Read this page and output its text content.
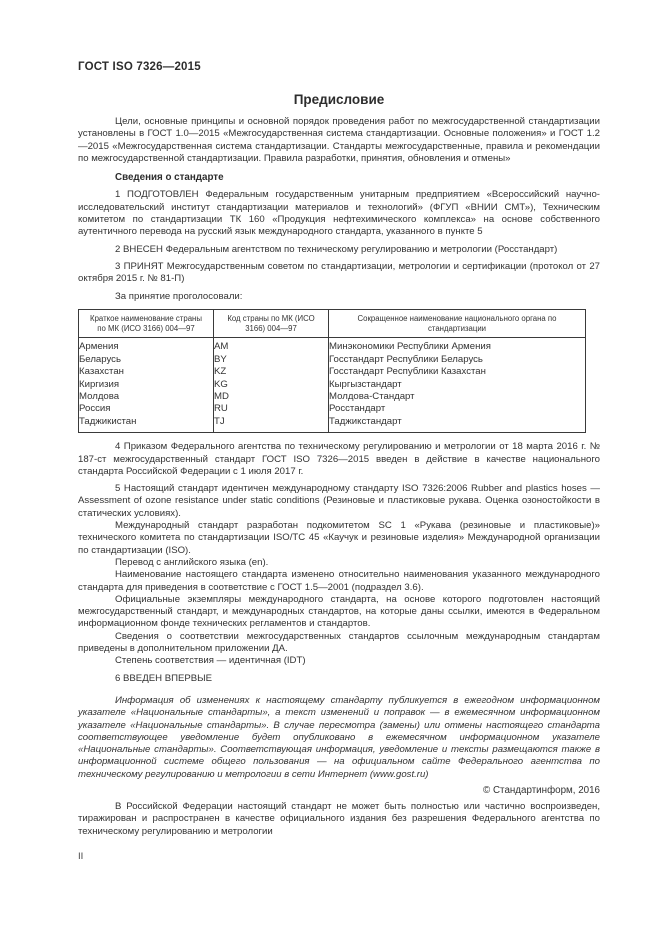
ГОСТ ISO 7326—2015
Предисловие

Цели, основные принципы и основной порядок проведения работ по межгосударственной стандартизации установлены в ГОСТ 1.0—2015 «Межгосударственная система стандартизации. Основные положения» и ГОСТ 1.2—2015 «Межгосударственная система стандартизации. Стандарты межгосударственные, правила и рекомендации по межгосударственной стандартизации. Правила разработки, принятия, обновления и отмены»

Сведения о стандарте

1 ПОДГОТОВЛЕН Федеральным государственным унитарным предприятием «Всероссийский научно-исследовательский институт стандартизации материалов и технологий» (ФГУП «ВНИИ СМТ»), Техническим комитетом по стандартизации ТК 160 «Продукция нефтехимического комплекса» на основе собственного аутентичного перевода на русский язык международного стандарта, указанного в пункте 5

2 ВНЕСЕН Федеральным агентством по техническому регулированию и метрологии (Росстандарт)

3 ПРИНЯТ Межгосударственным советом по стандартизации, метрологии и сертификации (протокол от 27 октября 2015 г. № 81-П)

За принятие проголосовали:

Краткое наименование страны по МК (ИСО 3166) 004—97	Код страны по МК (ИСО 3166) 004—97	Сокращенное наименование национального органа по стандартизации
Армения	AM	Минэкономики Республики Армения
Беларусь	BY	Госстандарт Республики Беларусь
Казахстан	KZ	Госстандарт Республики Казахстан
Киргизия	KG	Кыргызстандарт
Молдова	MD	Молдова-Стандарт
Россия	RU	Росстандарт
Таджикистан	TJ	Таджикстандарт

4 Приказом Федерального агентства по техническому регулированию и метрологии от 18 марта 2016 г. № 187-ст межгосударственный стандарт ГОСТ ISO 7326—2015 введен в действие в качестве национального стандарта Российской Федерации с 1 июля 2017 г.

5 Настоящий стандарт идентичен международному стандарту ISO 7326:2006 Rubber and plastics hoses — Assessment of ozone resistance under static conditions (Резиновые и пластиковые рукава. Оценка озоностойкости в статических условиях).

Международный стандарт разработан подкомитетом SC 1 «Рукава (резиновые и пластиковые)» технического комитета по стандартизации ISO/TC 45 «Каучук и резиновые изделия» Международной организации по стандартизации (ISO).

Перевод с английского языка (en).

Наименование настоящего стандарта изменено относительно наименования указанного международного стандарта для приведения в соответствие с ГОСТ 1.5—2001 (подраздел 3.6).

Официальные экземпляры международного стандарта, на основе которого подготовлен настоящий межгосударственный стандарт, и международных стандартов, на которые даны ссылки, имеются в Федеральном информационном фонде технических регламентов и стандартов.

Сведения о соответствии межгосударственных стандартов ссылочным международным стандартам приведены в дополнительном приложении ДА.

Степень соответствия — идентичная (IDT)

6 ВВЕДЕН ВПЕРВЫЕ

Информация об изменениях к настоящему стандарту публикуется в ежегодном информационном указателе «Национальные стандарты», а текст изменений и поправок — в ежемесячном информационном указателе «Национальные стандарты». В случае пересмотра (замены) или отмены настоящего стандарта соответствующее уведомление будет опубликовано в ежемесячном информационном указателе «Национальные стандарты». Соответствующая информация, уведомление и тексты размещаются также в информационной системе общего пользования — на официальном сайте Федерального агентства по техническому регулированию и метрологии в сети Интернет (www.gost.ru)

© Стандартинформ, 2016

В Российской Федерации настоящий стандарт не может быть полностью или частично воспроизведен, тиражирован и распространен в качестве официального издания без разрешения Федерального агентства по техническому регулированию и метрологии

II
